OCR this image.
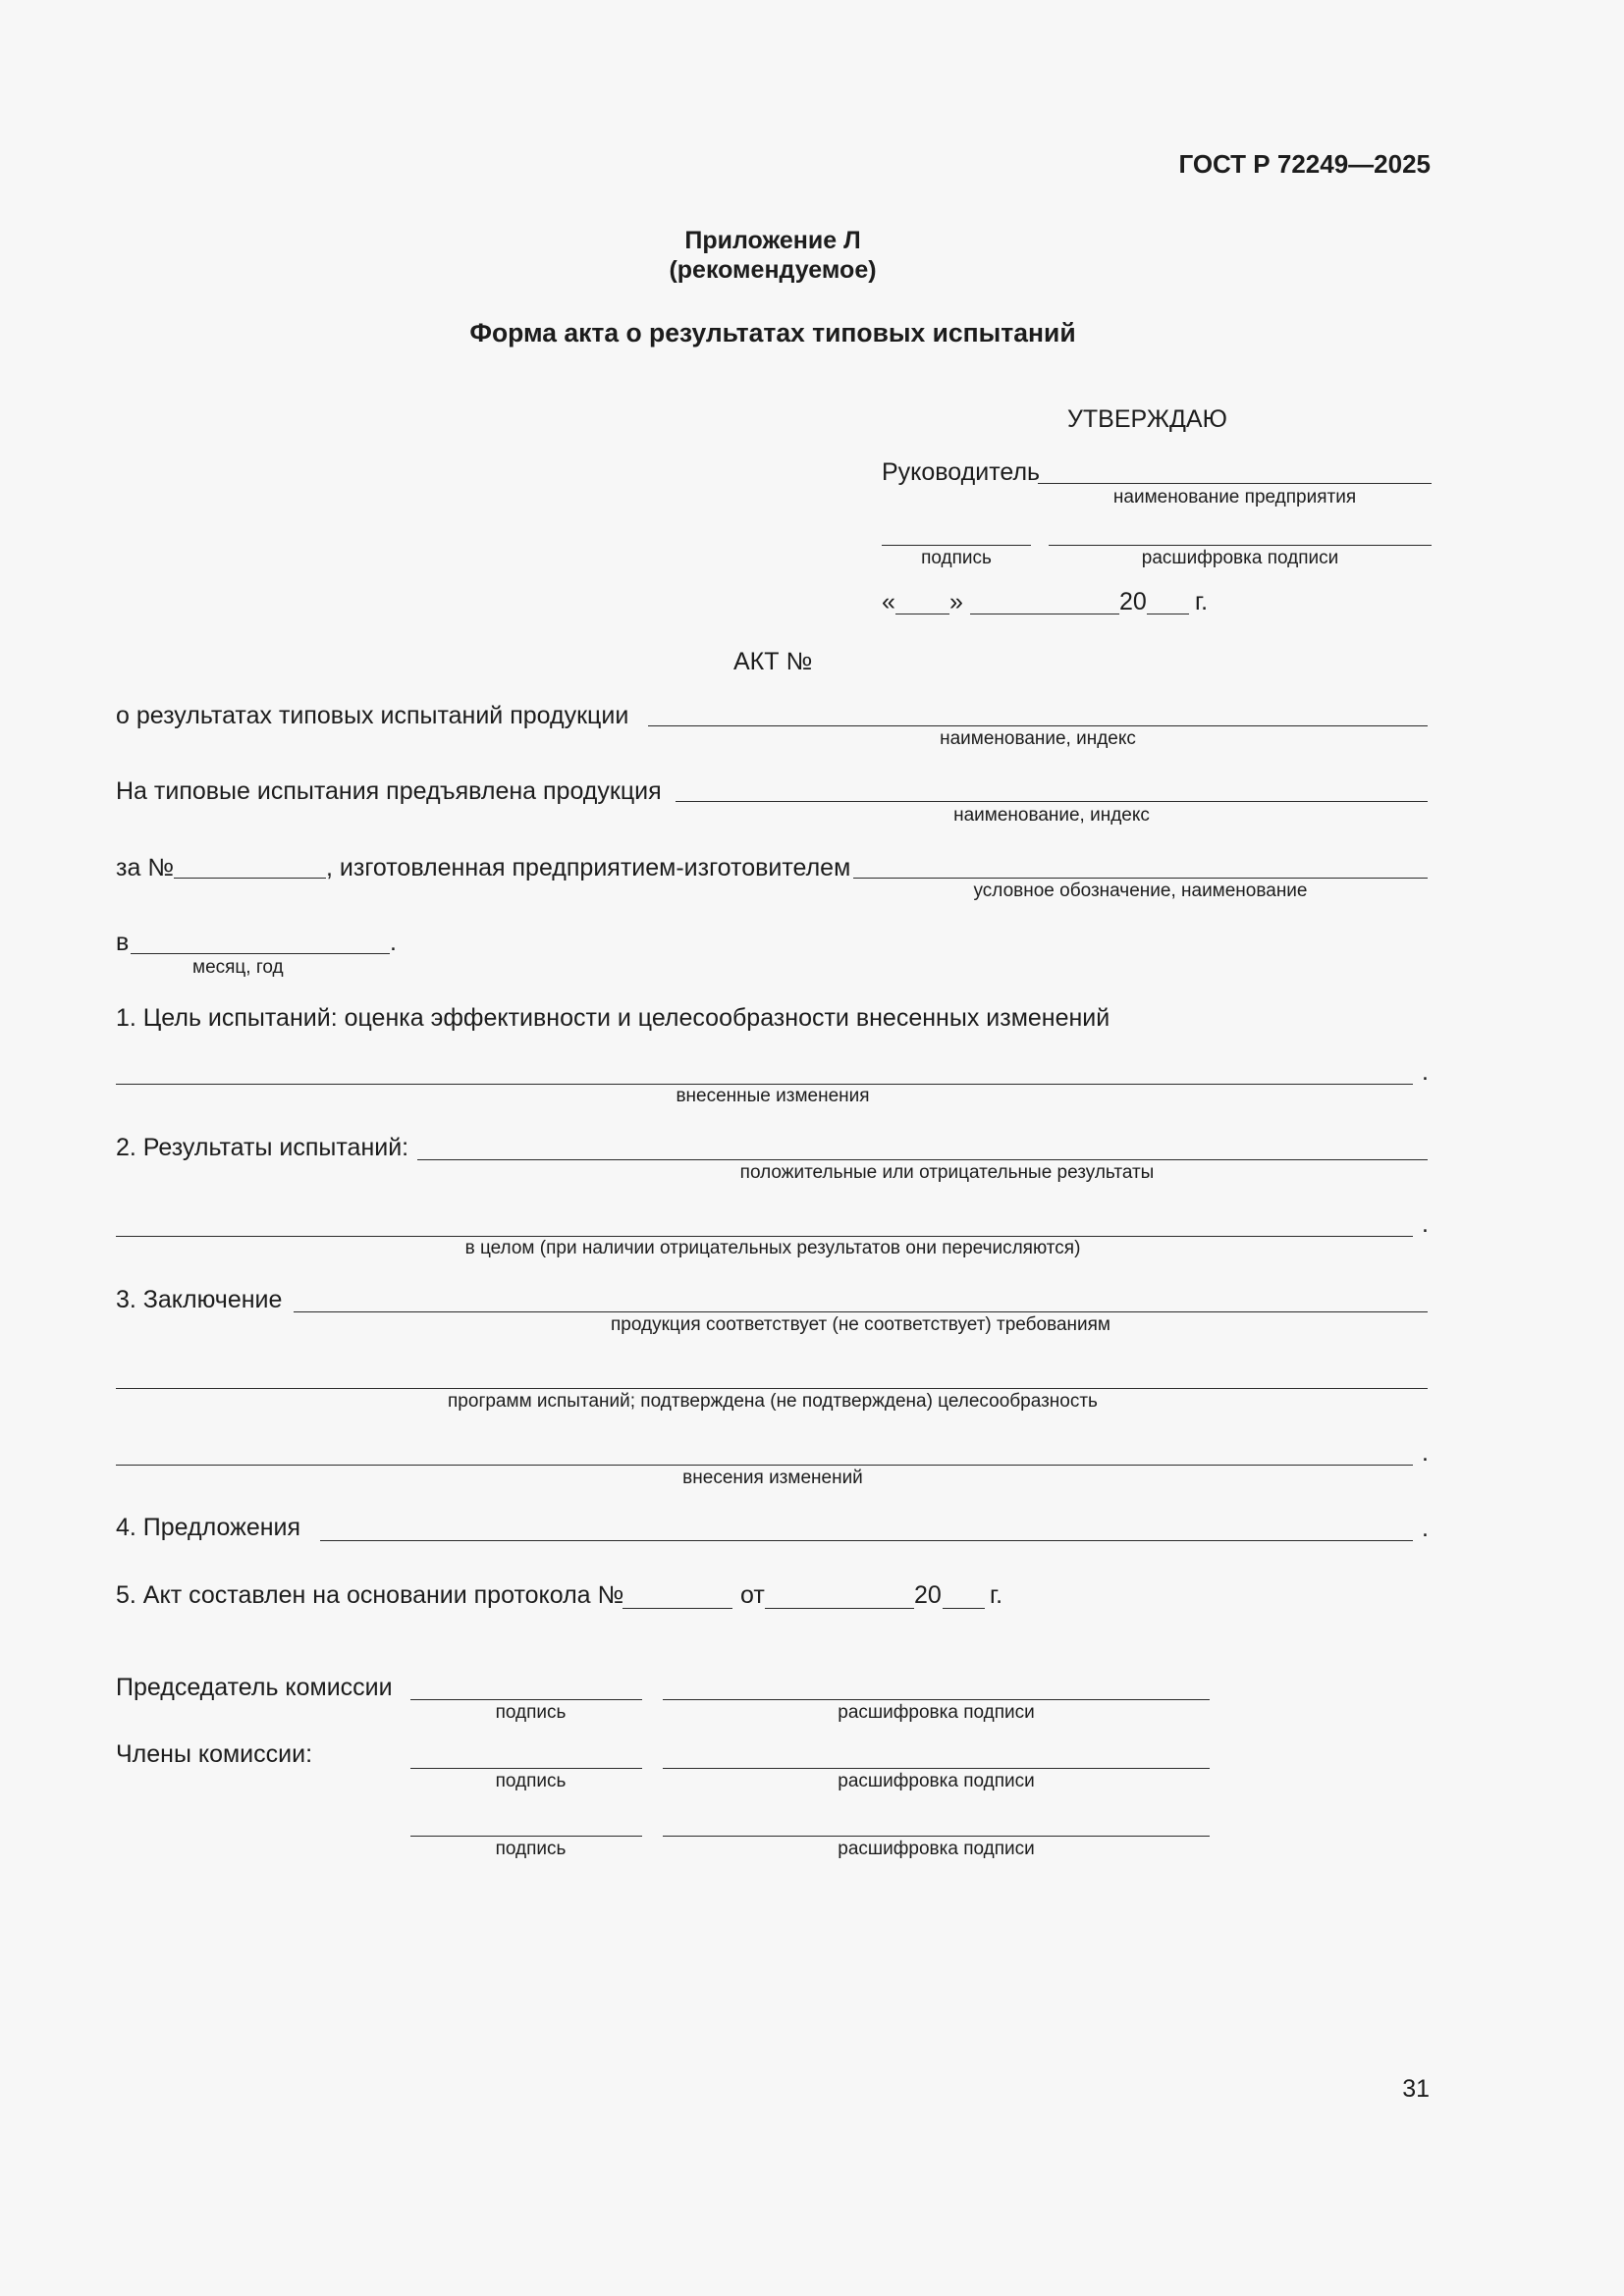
ГОСТ Р 72249—2025
Приложение Л
(рекомендуемое)
Форма акта о результатах типовых испытаний
УТВЕРЖДАЮ
Руководитель
наименование предприятия
подпись	расшифровка подписи
« »	20 г.
АКТ №
о результатах типовых испытаний продукции
наименование, индекс
На типовые испытания предъявлена продукция
наименование, индекс
за №	, изготовленная предприятием-изготовителем
условное обозначение, наименование
в	.
месяц, год
1. Цель испытаний: оценка эффективности и целесообразности внесенных изменений
.
внесенные изменения
2. Результаты испытаний:
положительные или отрицательные результаты
.
в целом (при наличии отрицательных результатов они перечисляются)
3. Заключение
продукция соответствует (не соответствует) требованиям
программ испытаний; подтверждена (не подтверждена) целесообразность
.
внесения изменений
4. Предложения	.
5. Акт составлен на основании протокола №	от	20 г.
Председатель комиссии
подпись	расшифровка подписи
Члены комиссии:
подпись	расшифровка подписи
подпись	расшифровка подписи
31
